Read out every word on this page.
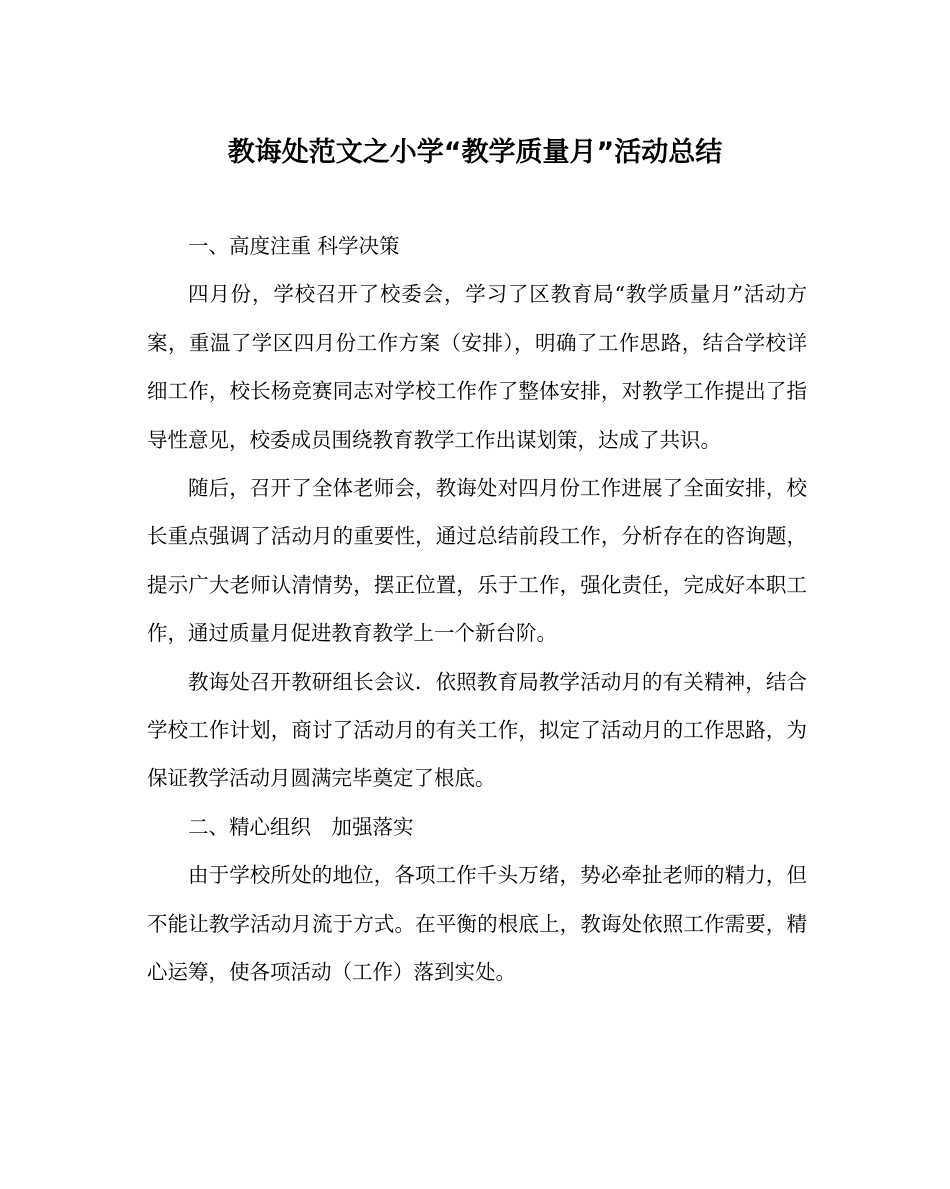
教诲处范文之小学“教学质量月”活动总结

一、高度注重 科学决策

四月份，学校召开了校委会，学习了区教育局“教学质量月”活动方案，重温了学区四月份工作方案（安排），明确了工作思路，结合学校详细工作，校长杨竞赛同志对学校工作作了整体安排，对教学工作提出了指导性意见，校委成员围绕教育教学工作出谋划策，达成了共识。

随后，召开了全体老师会，教诲处对四月份工作进展了全面安排，校长重点强调了活动月的重要性，通过总结前段工作，分析存在的咨询题，提示广大老师认清情势，摆正位置，乐于工作，强化责任，完成好本职工作，通过质量月促进教育教学上一个新台阶。

教诲处召开教研组长会议．依照教育局教学活动月的有关精神，结合学校工作计划，商讨了活动月的有关工作，拟定了活动月的工作思路，为保证教学活动月圆满完毕奠定了根底。

二、精心组织　加强落实

由于学校所处的地位，各项工作千头万绪，势必牵扯老师的精力，但不能让教学活动月流于方式。在平衡的根底上，教诲处依照工作需要，精心运筹，使各项活动（工作）落到实处。
